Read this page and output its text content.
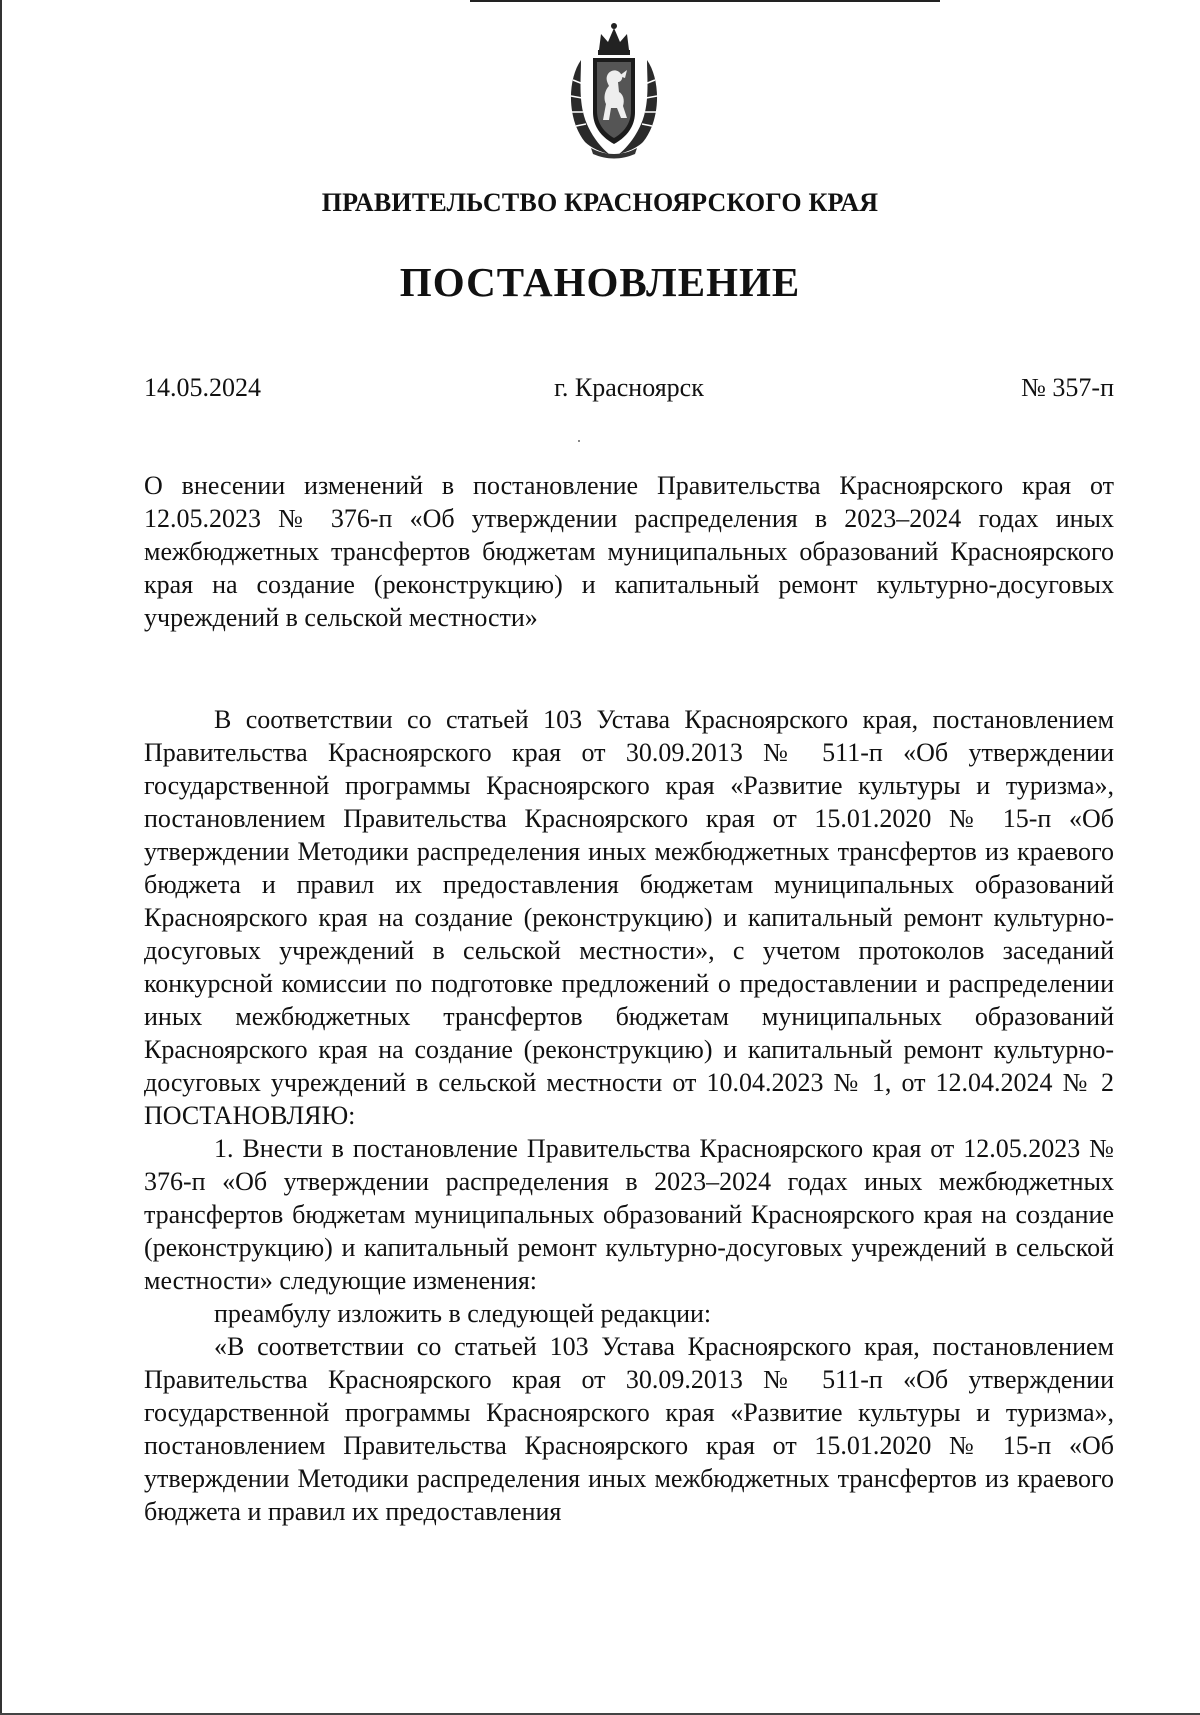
ПРАВИТЕЛЬСТВО КРАСНОЯРСКОГО КРАЯ
ПОСТАНОВЛЕНИЕ
14.05.2024	г. Красноярск	№ 357-п
О внесении изменений в постановление Правительства Красноярского края от 12.05.2023 № 376-п «Об утверждении распределения в 2023–2024 годах иных межбюджетных трансфертов бюджетам муниципальных образований Красноярского края на создание (реконструкцию) и капитальный ремонт культурно-досуговых учреждений в сельской местности»

В соответствии со статьей 103 Устава Красноярского края, постановлением Правительства Красноярского края от 30.09.2013 № 511-п «Об утверждении государственной программы Красноярского края «Развитие культуры и туризма», постановлением Правительства Красноярского края от 15.01.2020 № 15-п «Об утверждении Методики распределения иных межбюджетных трансфертов из краевого бюджета и правил их предоставления бюджетам муниципальных образований Красноярского края на создание (реконструкцию) и капитальный ремонт культурно-досуговых учреждений в сельской местности», с учетом протоколов заседаний конкурсной комиссии по подготовке предложений о предоставлении и распределении иных межбюджетных трансфертов бюджетам муниципальных образований Красноярского края на создание (реконструкцию) и капитальный ремонт культурно-досуговых учреждений в сельской местности от 10.04.2023 № 1, от 12.04.2024 № 2 ПОСТАНОВЛЯЮ:

1. Внести в постановление Правительства Красноярского края от 12.05.2023 № 376-п «Об утверждении распределения в 2023–2024 годах иных межбюджетных трансфертов бюджетам муниципальных образований Красноярского края на создание (реконструкцию) и капитальный ремонт культурно-досуговых учреждений в сельской местности» следующие изменения:

преамбулу изложить в следующей редакции:

«В соответствии со статьей 103 Устава Красноярского края, постановлением Правительства Красноярского края от 30.09.2013 № 511-п «Об утверждении государственной программы Красноярского края «Развитие культуры и туризма», постановлением Правительства Красноярского края от 15.01.2020 № 15-п «Об утверждении Методики распределения иных межбюджетных трансфертов из краевого бюджета и правил их предоставления
